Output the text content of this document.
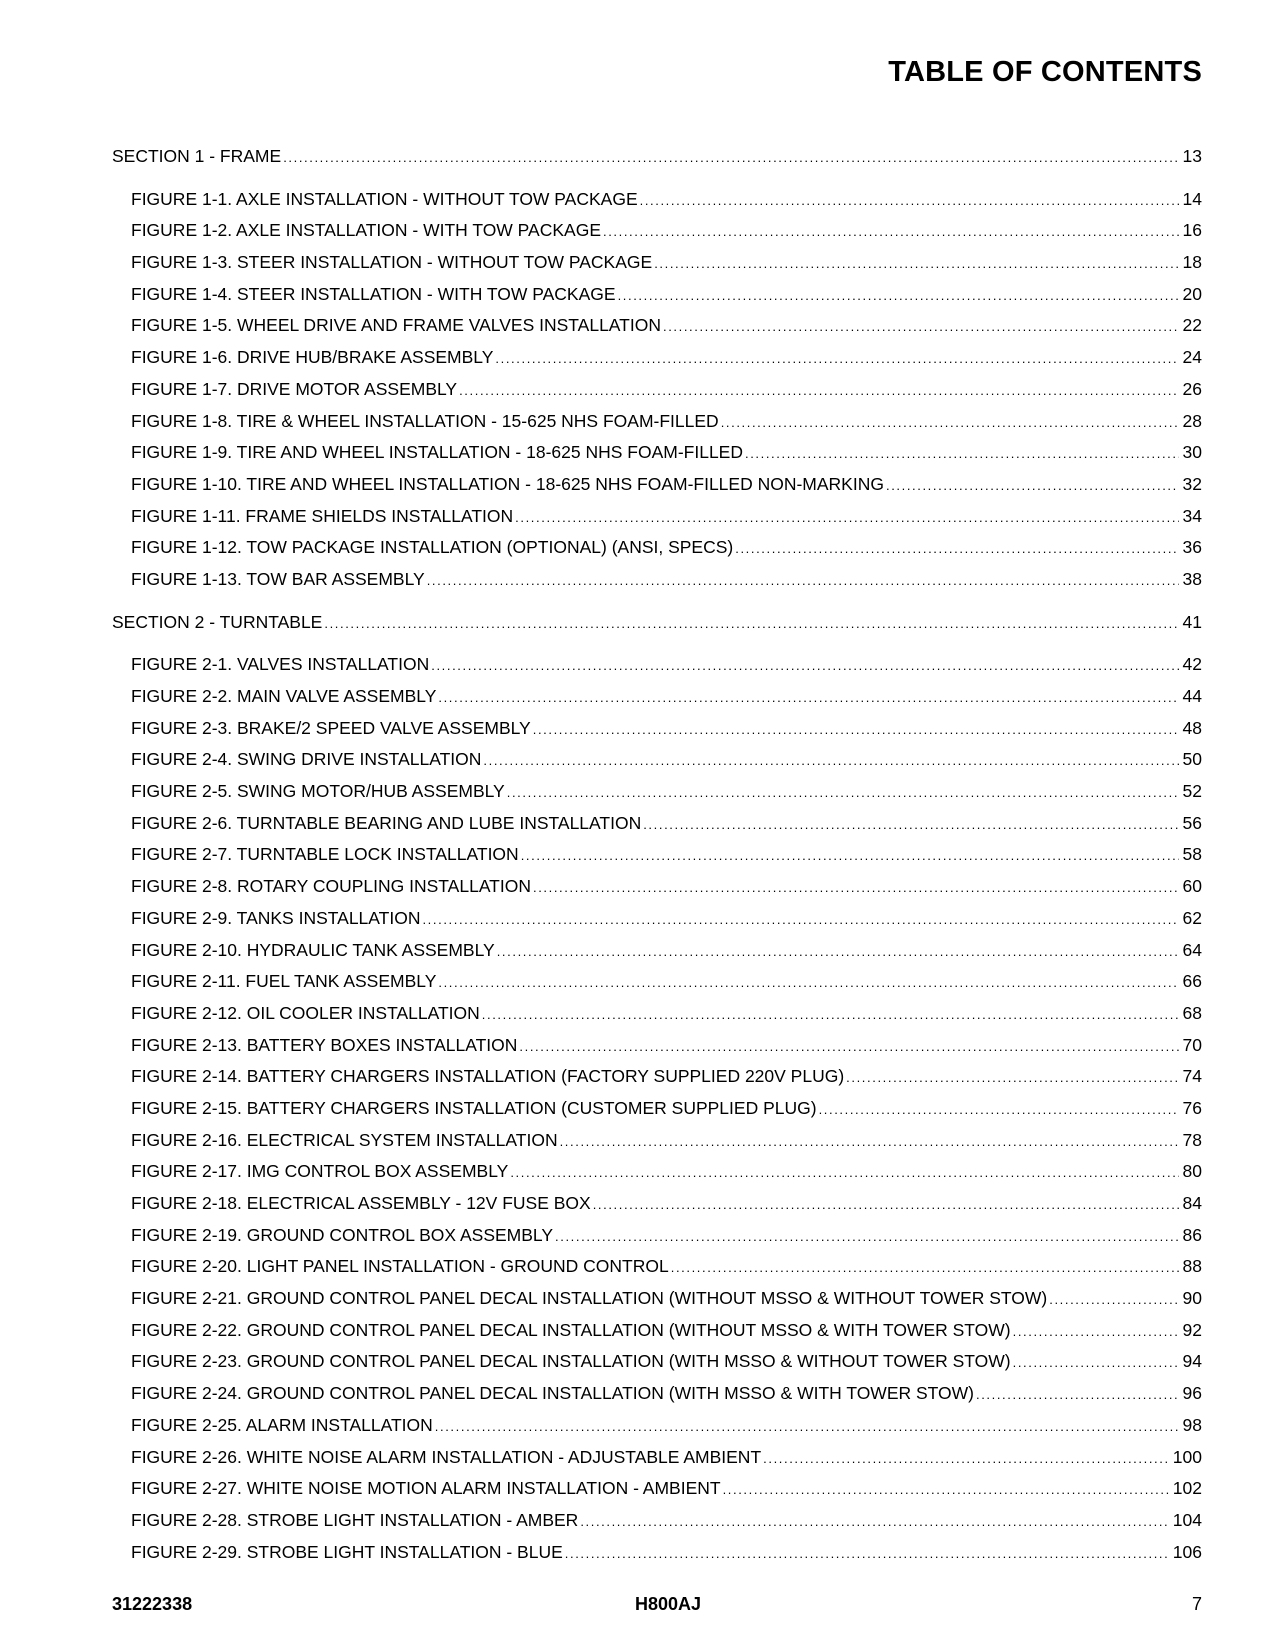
TABLE OF CONTENTS
SECTION 1 - FRAME .....	13
FIGURE 1-1. AXLE INSTALLATION - WITHOUT TOW PACKAGE .....	14
FIGURE 1-2. AXLE INSTALLATION - WITH TOW PACKAGE .....	16
FIGURE 1-3. STEER INSTALLATION - WITHOUT TOW PACKAGE .....	18
FIGURE 1-4. STEER INSTALLATION - WITH TOW PACKAGE .....	20
FIGURE 1-5. WHEEL DRIVE AND FRAME VALVES INSTALLATION .....	22
FIGURE 1-6. DRIVE HUB/BRAKE ASSEMBLY .....	24
FIGURE 1-7. DRIVE MOTOR ASSEMBLY .....	26
FIGURE 1-8. TIRE & WHEEL INSTALLATION - 15-625 NHS FOAM-FILLED .....	28
FIGURE 1-9. TIRE AND WHEEL INSTALLATION - 18-625 NHS FOAM-FILLED .....	30
FIGURE 1-10. TIRE AND WHEEL INSTALLATION - 18-625 NHS FOAM-FILLED NON-MARKING .....	32
FIGURE 1-11. FRAME SHIELDS INSTALLATION .....	34
FIGURE 1-12. TOW PACKAGE INSTALLATION (OPTIONAL) (ANSI, SPECS) .....	36
FIGURE 1-13. TOW BAR ASSEMBLY .....	38
SECTION 2 - TURNTABLE .....	41
FIGURE 2-1. VALVES INSTALLATION .....	42
FIGURE 2-2. MAIN VALVE ASSEMBLY .....	44
FIGURE 2-3. BRAKE/2 SPEED VALVE ASSEMBLY .....	48
FIGURE 2-4. SWING DRIVE INSTALLATION .....	50
FIGURE 2-5. SWING MOTOR/HUB ASSEMBLY .....	52
FIGURE 2-6. TURNTABLE BEARING AND LUBE INSTALLATION .....	56
FIGURE 2-7. TURNTABLE LOCK INSTALLATION .....	58
FIGURE 2-8. ROTARY COUPLING INSTALLATION .....	60
FIGURE 2-9. TANKS INSTALLATION .....	62
FIGURE 2-10. HYDRAULIC TANK ASSEMBLY .....	64
FIGURE 2-11. FUEL TANK ASSEMBLY .....	66
FIGURE 2-12. OIL COOLER INSTALLATION .....	68
FIGURE 2-13. BATTERY BOXES INSTALLATION .....	70
FIGURE 2-14. BATTERY CHARGERS INSTALLATION (FACTORY SUPPLIED 220V PLUG) .....	74
FIGURE 2-15. BATTERY CHARGERS INSTALLATION (CUSTOMER SUPPLIED PLUG) .....	76
FIGURE 2-16. ELECTRICAL SYSTEM INSTALLATION .....	78
FIGURE 2-17. IMG CONTROL BOX ASSEMBLY .....	80
FIGURE 2-18. ELECTRICAL ASSEMBLY - 12V FUSE BOX .....	84
FIGURE 2-19. GROUND CONTROL BOX ASSEMBLY .....	86
FIGURE 2-20. LIGHT PANEL INSTALLATION - GROUND CONTROL .....	88
FIGURE 2-21. GROUND CONTROL PANEL DECAL INSTALLATION (WITHOUT MSSO & WITHOUT TOWER STOW) .....	90
FIGURE 2-22. GROUND CONTROL PANEL DECAL INSTALLATION (WITHOUT MSSO & WITH TOWER STOW) .....	92
FIGURE 2-23. GROUND CONTROL PANEL DECAL INSTALLATION (WITH MSSO & WITHOUT TOWER STOW) .....	94
FIGURE 2-24. GROUND CONTROL PANEL DECAL INSTALLATION (WITH MSSO & WITH TOWER STOW) .....	96
FIGURE 2-25. ALARM INSTALLATION .....	98
FIGURE 2-26. WHITE NOISE ALARM INSTALLATION - ADJUSTABLE AMBIENT .....	100
FIGURE 2-27. WHITE NOISE MOTION ALARM INSTALLATION - AMBIENT .....	102
FIGURE 2-28. STROBE LIGHT INSTALLATION - AMBER .....	104
FIGURE 2-29. STROBE LIGHT INSTALLATION - BLUE .....	106
31222338	H800AJ	7
